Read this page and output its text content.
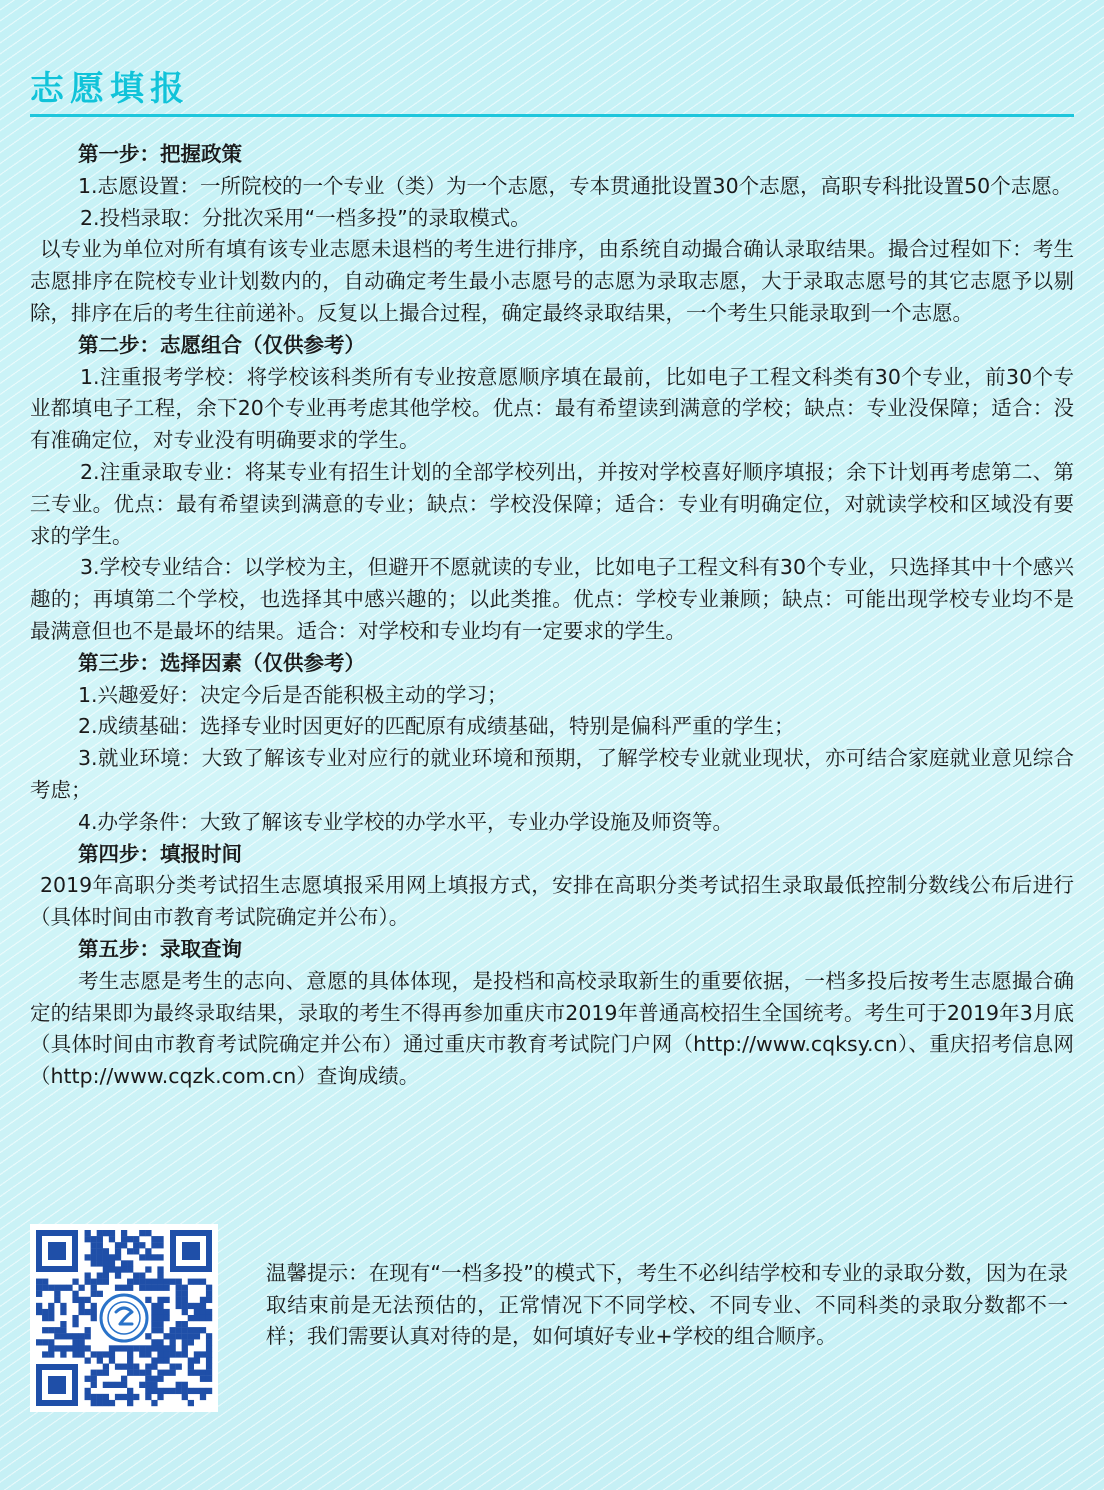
志愿填报

第一步：把握政策

1.志愿设置：一所院校的一个专业（类）为一个志愿，专本贯通批设置30个志愿，高职专科批设置50个志愿。

2.投档录取：分批次采用“一档多投”的录取模式。

以专业为单位对所有填有该专业志愿未退档的考生进行排序，由系统自动撮合确认录取结果。撮合过程如下：考生志愿排序在院校专业计划数内的，自动确定考生最小志愿号的志愿为录取志愿，大于录取志愿号的其它志愿予以剔除，排序在后的考生往前递补。反复以上撮合过程，确定最终录取结果，一个考生只能录取到一个志愿。

第二步：志愿组合（仅供参考）

1.注重报考学校：将学校该科类所有专业按意愿顺序填在最前，比如电子工程文科类有30个专业，前30个专业都填电子工程，余下20个专业再考虑其他学校。优点：最有希望读到满意的学校；缺点：专业没保障；适合：没有准确定位，对专业没有明确要求的学生。

2.注重录取专业：将某专业有招生计划的全部学校列出，并按对学校喜好顺序填报；余下计划再考虑第二、第三专业。优点：最有希望读到满意的专业；缺点：学校没保障；适合：专业有明确定位，对就读学校和区域没有要求的学生。

3.学校专业结合：以学校为主，但避开不愿就读的专业，比如电子工程文科有30个专业，只选择其中十个感兴趣的；再填第二个学校，也选择其中感兴趣的；以此类推。优点：学校专业兼顾；缺点：可能出现学校专业均不是最满意但也不是最坏的结果。适合：对学校和专业均有一定要求的学生。

第三步：选择因素（仅供参考）

1.兴趣爱好：决定今后是否能积极主动的学习；

2.成绩基础：选择专业时因更好的匹配原有成绩基础，特别是偏科严重的学生；

3.就业环境：大致了解该专业对应行的就业环境和预期，了解学校专业就业现状，亦可结合家庭就业意见综合考虑；

4.办学条件：大致了解该专业学校的办学水平，专业办学设施及师资等。

第四步：填报时间

2019年高职分类考试招生志愿填报采用网上填报方式，安排在高职分类考试招生录取最低控制分数线公布后进行（具体时间由市教育考试院确定并公布）。

第五步：录取查询

考生志愿是考生的志向、意愿的具体体现，是投档和高校录取新生的重要依据，一档多投后按考生志愿撮合确定的结果即为最终录取结果，录取的考生不得再参加重庆市2019年普通高校招生全国统考。考生可于2019年3月底（具体时间由市教育考试院确定并公布）通过重庆市教育考试院门户网（http://www.cqksy.cn）、重庆招考信息网（http://www.cqzk.com.cn）查询成绩。

温馨提示：在现有“一档多投”的模式下，考生不必纠结学校和专业的录取分数，因为在录取结束前是无法预估的，正常情况下不同学校、不同专业、不同科类的录取分数都不一样；我们需要认真对待的是，如何填好专业+学校的组合顺序。
